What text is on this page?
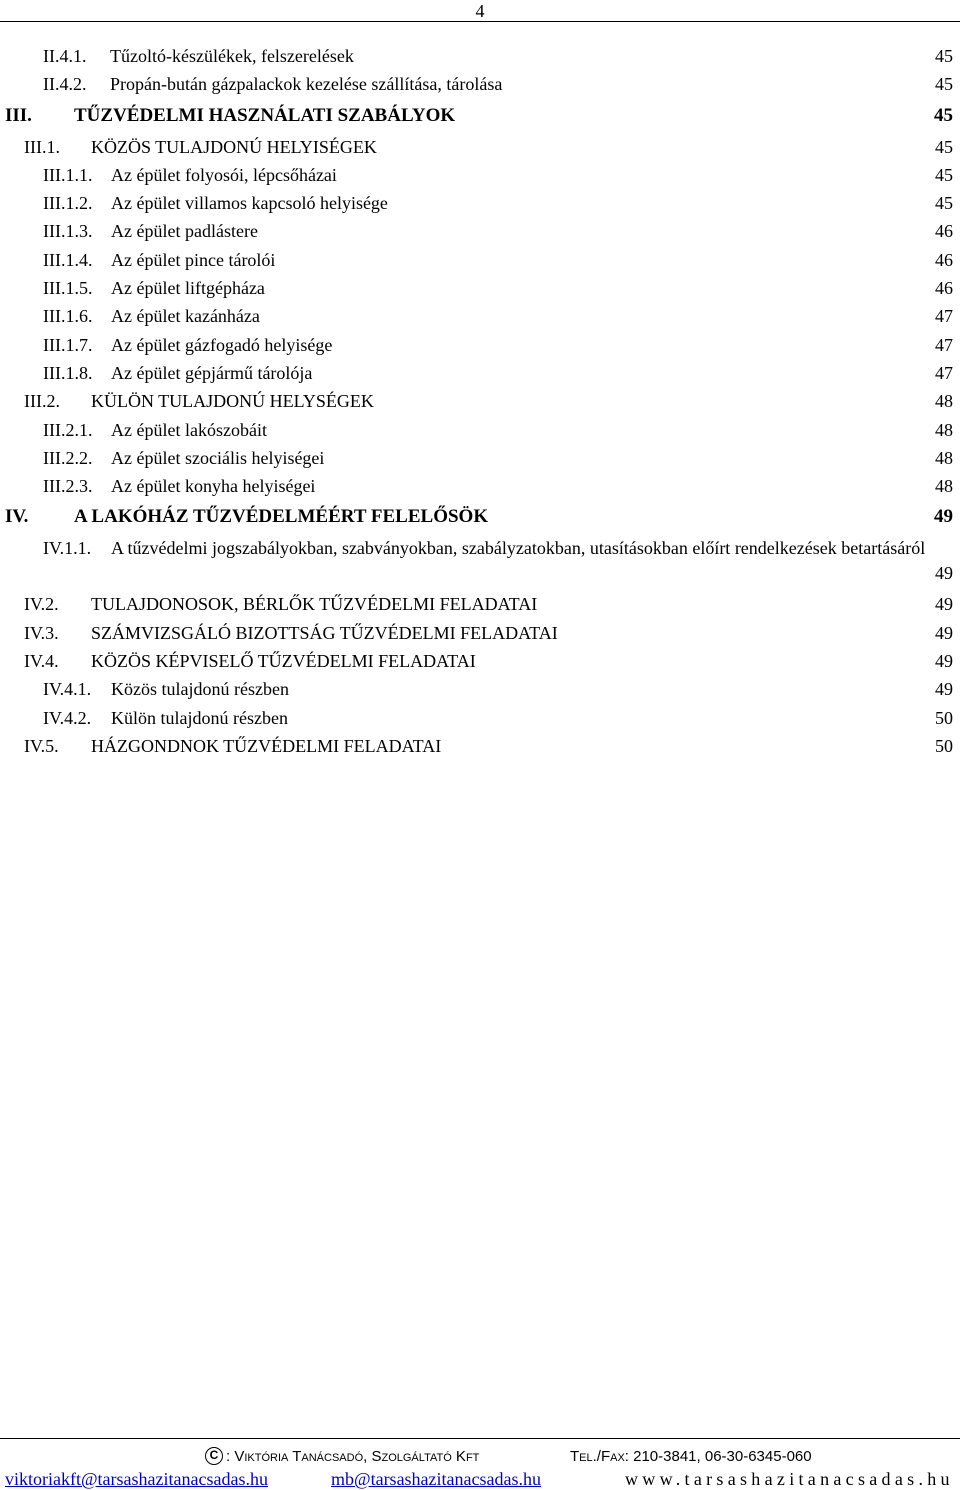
4
II.4.1. Tűzoltó-készülékek, felszerelések	45
II.4.2. Propán-bután gázpalackok kezelése szállítása, tárolása	45
III. TŰZVÉDELMI HASZNÁLATI SZABÁLYOK	45
III.1. KÖZÖS TULAJDONÚ HELYISÉGEK	45
III.1.1. Az épület folyosói, lépcsőházai	45
III.1.2. Az épület villamos kapcsoló helyisége	45
III.1.3. Az épület padlástere	46
III.1.4. Az épület pince tárolói	46
III.1.5. Az épület liftgépháza	46
III.1.6. Az épület kazánháza	47
III.1.7. Az épület gázfogadó helyisége	47
III.1.8. Az épület gépjármű tárolója	47
III.2. KÜLÖN TULAJDONÚ HELYSÉGEK	48
III.2.1. Az épület lakószobáit	48
III.2.2. Az épület szociális helyiségei	48
III.2.3. Az épület konyha helyiségei	48
IV. A LAKÓHÁZ TŰZVÉDELMÉÉRT FELELŐSÖK	49
IV.1.1. A tűzvédelmi jogszabályokban, szabványokban, szabályzatokban, utasításokban előírt rendelkezések betartásáról
49
IV.2. TULAJDONOSOK, BÉRLŐK TŰZVÉDELMI FELADATAI	49
IV.3. SZÁMVIZSGÁLÓ BIZOTTSÁG TŰZVÉDELMI FELADATAI	49
IV.4. KÖZÖS KÉPVISELŐ TŰZVÉDELMI FELADATAI	49
IV.4.1. Közös tulajdonú részben	49
IV.4.2. Külön tulajdonú részben	50
IV.5. HÁZGONDNOK TŰZVÉDELMI FELADATAI	50
C : Viktória Tanácsadó, Szolgáltató Kft	Tel./Fax: 210-3841, 06-30-6345-060
viktoriakft@tarsashazitanacsadas.hu	mb@tarsashazitanacsadas.hu	www.tarsashazitanacsadas.hu
